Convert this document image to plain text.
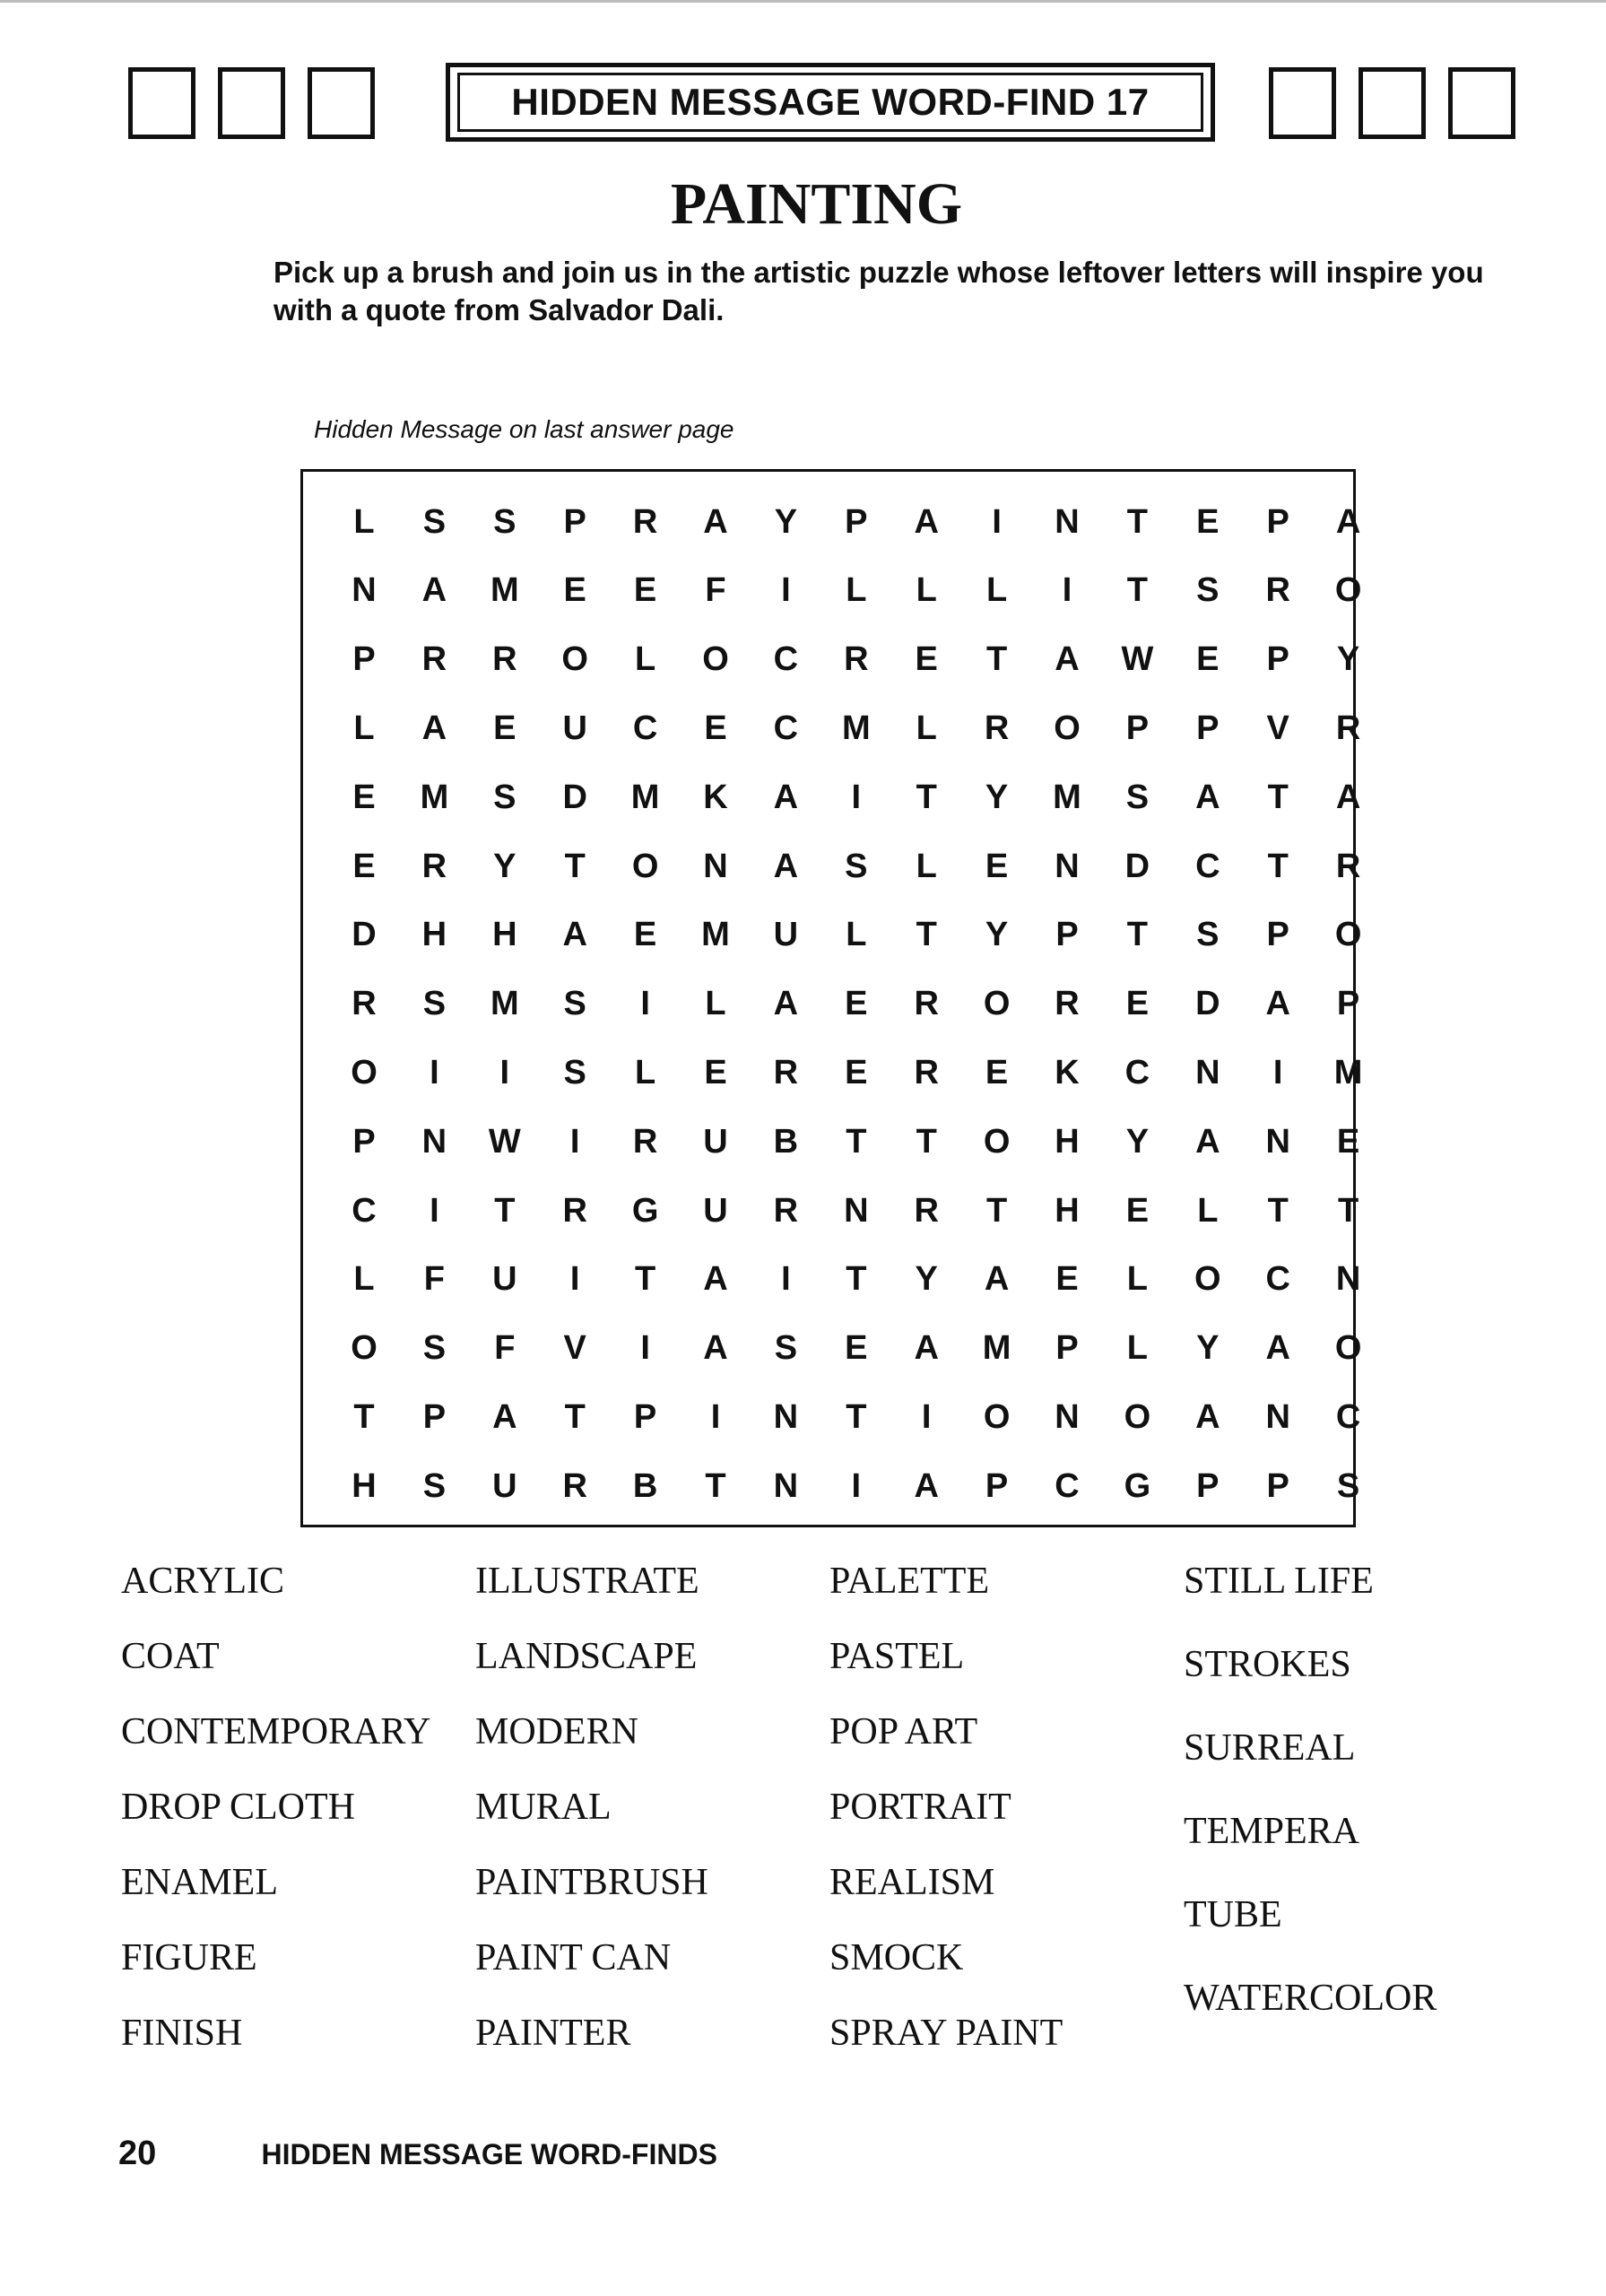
HIDDEN MESSAGE WORD-FIND 17
PAINTING
Pick up a brush and join us in the artistic puzzle whose leftover letters will inspire you with a quote from Salvador Dali.
Hidden Message on last answer page
L	S	S	P	R	A	Y	P	A	I	N	T	E	P	A
N	A	M	E	E	F	I	L	L	L	I	T	S	R	O
P	R	R	O	L	O	C	R	E	T	A	W	E	P	Y
L	A	E	U	C	E	C	M	L	R	O	P	P	V	R
E	M	S	D	M	K	A	I	T	Y	M	S	A	T	A
E	R	Y	T	O	N	A	S	L	E	N	D	C	T	R
D	H	H	A	E	M	U	L	T	Y	P	T	S	P	O
R	S	M	S	I	L	A	E	R	O	R	E	D	A	P
O	I	I	S	L	E	R	E	R	E	K	C	N	I	M
P	N	W	I	R	U	B	T	T	O	H	Y	A	N	E
C	I	T	R	G	U	R	N	R	T	H	E	L	T	T
L	F	U	I	T	A	I	T	Y	A	E	L	O	C	N
O	S	F	V	I	A	S	E	A	M	P	L	Y	A	O
T	P	A	T	P	I	N	T	I	O	N	O	A	N	C
H	S	U	R	B	T	N	I	A	P	C	G	P	P	S
ACRYLIC
COAT
CONTEMPORARY
DROP CLOTH
ENAMEL
FIGURE
FINISH
ILLUSTRATE
LANDSCAPE
MODERN
MURAL
PAINTBRUSH
PAINT CAN
PAINTER
PALETTE
PASTEL
POP ART
PORTRAIT
REALISM
SMOCK
SPRAY PAINT
STILL LIFE
STROKES
SURREAL
TEMPERA
TUBE
WATERCOLOR
20	HIDDEN MESSAGE WORD-FINDS
